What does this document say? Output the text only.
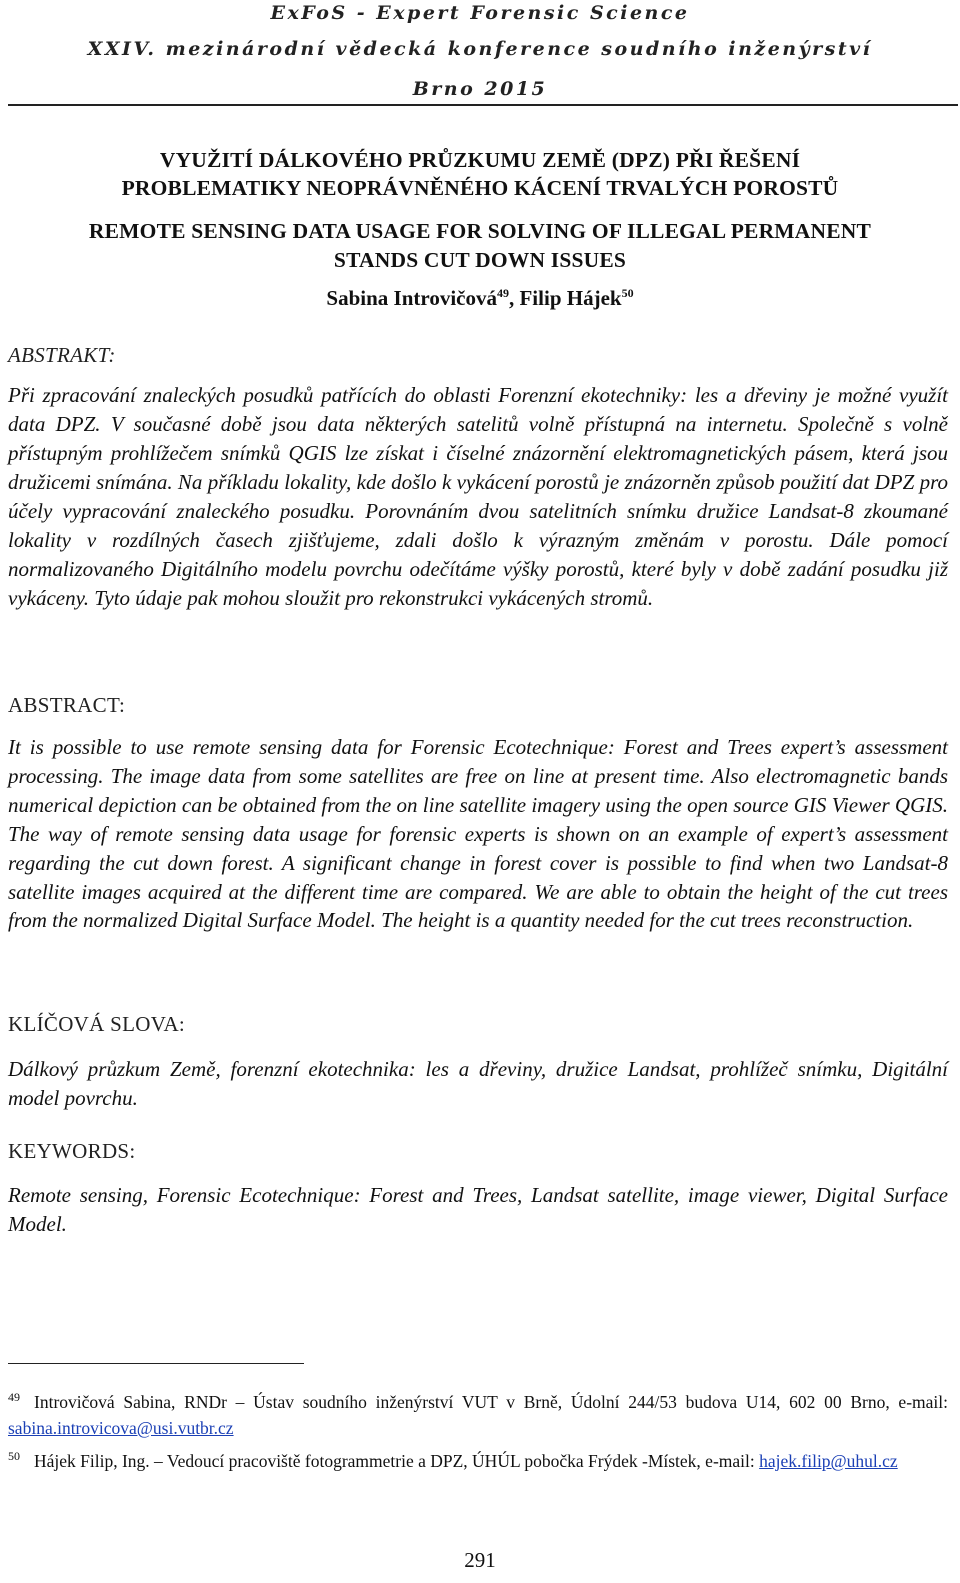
ExFoS - Expert Forensic Science
XXIV. mezinárodní vědecká konference soudního inženýrství
Brno 2015
VYUŽITÍ DÁLKOVÉHO PRŮZKUMU ZEMĚ (DPZ) PŘI ŘEŠENÍ
PROBLEMATIKY NEOPRÁVNĚNÉHO KÁCENÍ TRVALÝCH POROSTŮ
REMOTE SENSING DATA USAGE FOR SOLVING OF ILLEGAL PERMANENT
STANDS CUT DOWN ISSUES
Sabina Introvičová$^{49}$, Filip Hájek$^{50}$
ABSTRAKT:
Při zpracování znaleckých posudků patřících do oblasti Forenzní ekotechniky: les a dřeviny je možné využít data DPZ. V současné době jsou data některých satelitů volně přístupná na internetu. Společně s volně přístupným prohlížečem snímků QGIS lze získat i číselné znázornění elektromagnetických pásem, která jsou družicemi snímána. Na příkladu lokality, kde došlo k vykácení porostů je znázorněn způsob použití dat DPZ pro účely vypracování znaleckého posudku. Porovnáním dvou satelitních snímku družice Landsat-8 zkoumané lokality v rozdílných časech zjišťujeme, zdali došlo k výrazným změnám v porostu. Dále pomocí normalizovaného Digitálního modelu povrchu odečítáme výšky porostů, které byly v době zadání posudku již vykáceny. Tyto údaje pak mohou sloužit pro rekonstrukci vykácených stromů.
ABSTRACT:
It is possible to use remote sensing data for Forensic Ecotechnique: Forest and Trees expert’s assessment processing. The image data from some satellites are free on line at present time. Also electromagnetic bands numerical depiction can be obtained from the on line satellite imagery using the open source GIS Viewer QGIS. The way of remote sensing data usage for forensic experts is shown on an example of expert’s assessment regarding the cut down forest. A significant change in forest cover is possible to find when two Landsat-8 satellite images acquired at the different time are compared. We are able to obtain the height of the cut trees from the normalized Digital Surface Model. The height is a quantity needed for the cut trees reconstruction.
KLÍČOVÁ SLOVA:
Dálkový průzkum Země, forenzní ekotechnika: les a dřeviny, družice Landsat, prohlížeč snímku, Digitální model povrchu.
KEYWORDS:
Remote sensing, Forensic Ecotechnique: Forest and Trees, Landsat satellite, image viewer, Digital Surface Model.
$^{49}$ Introvičová Sabina, RNDr – Ústav soudního inženýrství VUT v Brně, Údolní 244/53 budova U14, 602 00 Brno, e-mail: sabina.introvicova@usi.vutbr.cz
$^{50}$ Hájek Filip, Ing. – Vedoucí pracoviště fotogrammetrie a DPZ, ÚHÚL pobočka Frýdek -Místek, e-mail: hajek.filip@uhul.cz
291
